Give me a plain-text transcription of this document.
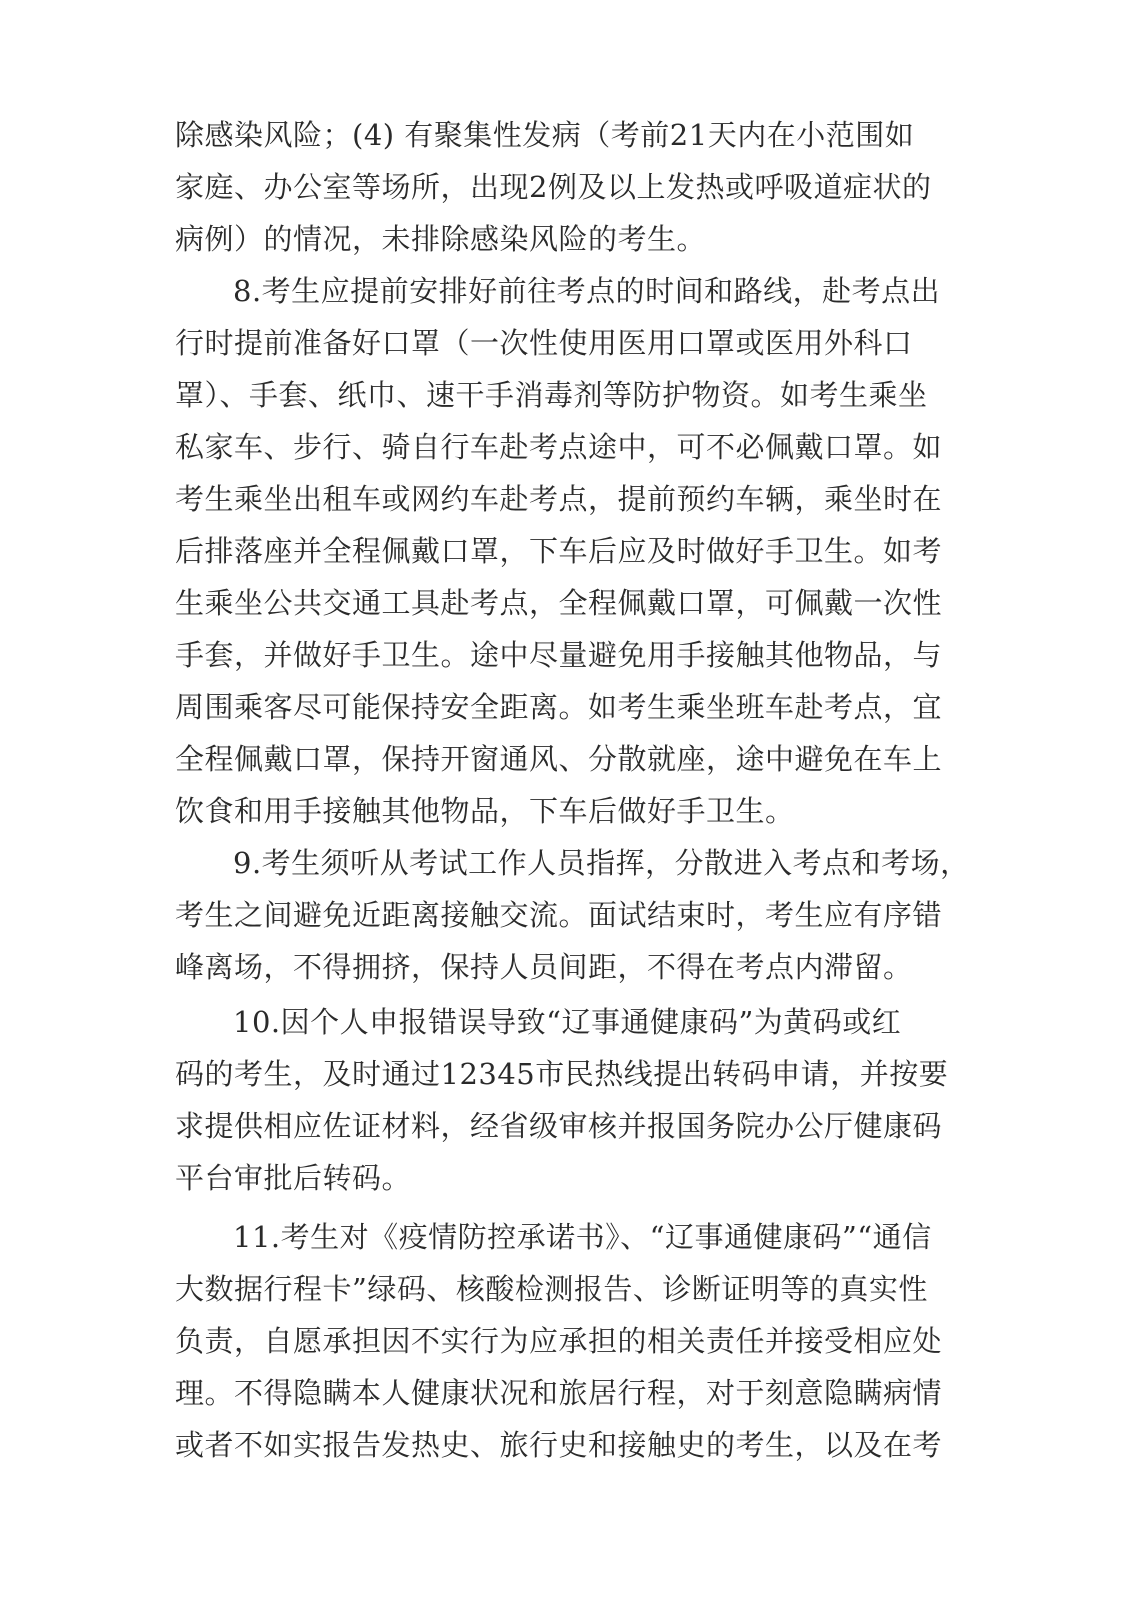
除感染风险；(4) 有聚集性发病（考前21天内在小范围如
家庭、办公室等场所，出现2例及以上发热或呼吸道症状的
病例）的情况，未排除感染风险的考生。
8.考生应提前安排好前往考点的时间和路线，赴考点出
行时提前准备好口罩（一次性使用医用口罩或医用外科口
罩）、手套、纸巾、速干手消毒剂等防护物资。如考生乘坐
私家车、步行、骑自行车赴考点途中，可不必佩戴口罩。如
考生乘坐出租车或网约车赴考点，提前预约车辆，乘坐时在
后排落座并全程佩戴口罩，下车后应及时做好手卫生。如考
生乘坐公共交通工具赴考点，全程佩戴口罩，可佩戴一次性
手套，并做好手卫生。途中尽量避免用手接触其他物品，与
周围乘客尽可能保持安全距离。如考生乘坐班车赴考点，宜
全程佩戴口罩，保持开窗通风、分散就座，途中避免在车上
饮食和用手接触其他物品，下车后做好手卫生。
9.考生须听从考试工作人员指挥，分散进入考点和考场，
考生之间避免近距离接触交流。面试结束时，考生应有序错
峰离场，不得拥挤，保持人员间距，不得在考点内滞留。
10.因个人申报错误导致“辽事通健康码”为黄码或红
码的考生，及时通过12345市民热线提出转码申请，并按要
求提供相应佐证材料，经省级审核并报国务院办公厅健康码
平台审批后转码。
11.考生对《疫情防控承诺书》、“辽事通健康码”“通信
大数据行程卡”绿码、核酸检测报告、诊断证明等的真实性
负责，自愿承担因不实行为应承担的相关责任并接受相应处
理。不得隐瞒本人健康状况和旅居行程，对于刻意隐瞒病情
或者不如实报告发热史、旅行史和接触史的考生，以及在考
